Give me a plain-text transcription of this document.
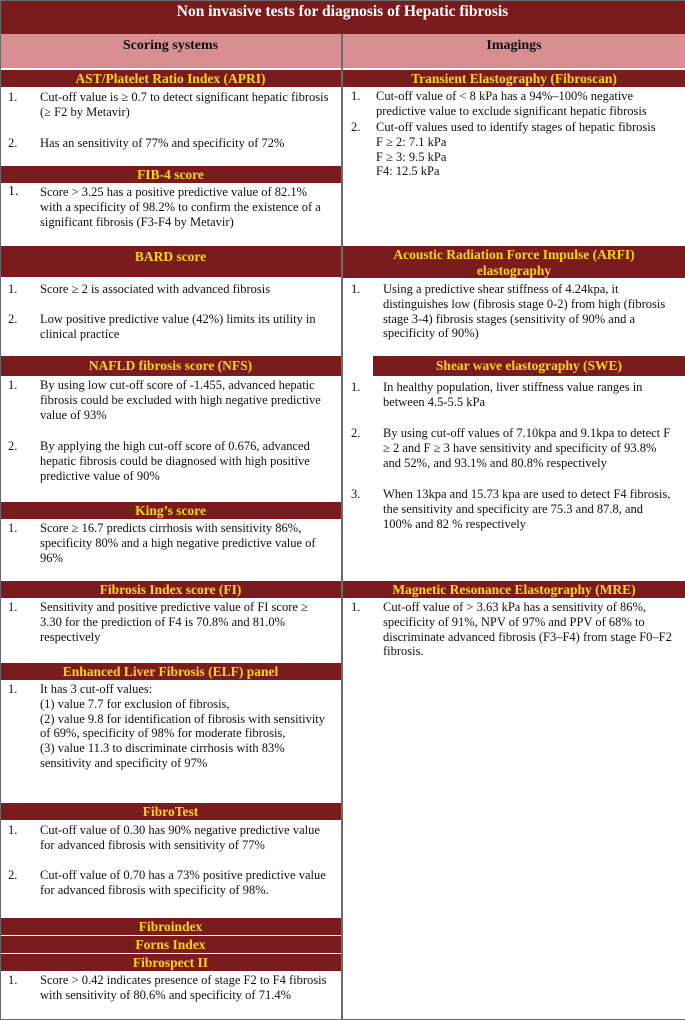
Non invasive tests for diagnosis of Hepatic fibrosis
Scoring systems	Imagings
AST/Platelet Ratio Index (APRI)
1. Cut-off value is ≥ 0.7 to detect significant hepatic fibrosis (≥ F2 by Metavir)
2. Has an sensitivity of 77% and specificity of 72%
FIB-4 score
1. Score > 3.25 has a positive predictive value of 82.1% with a specificity of 98.2% to confirm the existence of a significant fibrosis (F3-F4 by Metavir)
BARD score
1. Score ≥ 2 is associated with advanced fibrosis
2. Low positive predictive value (42%) limits its utility in clinical practice
NAFLD fibrosis score (NFS)
1. By using low cut-off score of -1.455, advanced hepatic fibrosis could be excluded with high negative predictive value of 93%
2. By applying the high cut-off score of 0.676, advanced hepatic fibrosis could be diagnosed with high positive predictive value of 90%
King’s score
1. Score ≥ 16.7 predicts cirrhosis with sensitivity 86%, specificity 80% and a high negative predictive value of 96%
Fibrosis Index score (FI)
1. Sensitivity and positive predictive value of FI score ≥ 3.30 for the prediction of F4 is 70.8% and 81.0% respectively
Enhanced Liver Fibrosis (ELF) panel
1. It has 3 cut-off values:
(1) value 7.7 for exclusion of fibrosis,
(2) value 9.8 for identification of fibrosis with sensitivity of 69%, specificity of 98% for moderate fibrosis,
(3) value 11.3 to discriminate cirrhosis with 83% sensitivity and specificity of 97%
FibroTest
1. Cut-off value of 0.30 has 90% negative predictive value for advanced fibrosis with sensitivity of 77%
2. Cut-off value of 0.70 has a 73% positive predictive value for advanced fibrosis with specificity of 98%.
Fibroindex
Forns Index
Fibrospect II
1. Score > 0.42 indicates presence of stage F2 to F4 fibrosis with sensitivity of 80.6% and specificity of 71.4%
Transient Elastography (Fibroscan)
1. Cut-off value of < 8 kPa has a 94%–100% negative predictive value to exclude significant hepatic fibrosis
2. Cut-off values used to identify stages of hepatic fibrosis
F ≥ 2: 7.1 kPa
F ≥ 3: 9.5 kPa
F4: 12.5 kPa
Acoustic Radiation Force Impulse (ARFI)
elastography
1. Using a predictive shear stiffness of 4.24kpa, it distinguishes low (fibrosis stage 0-2) from high (fibrosis stage 3-4) fibrosis stages (sensitivity of 90% and a specificity of 90%)
Shear wave elastography (SWE)
1. In healthy population, liver stiffness value ranges in between 4.5-5.5 kPa
2. By using cut-off values of 7.10kpa and 9.1kpa to detect F ≥ 2 and F ≥ 3 have sensitivity and specificity of 93.8% and 52%, and 93.1% and 80.8% respectively
3. When 13kpa and 15.73 kpa are used to detect F4 fibrosis, the sensitivity and specificity are 75.3 and 87.8, and 100% and 82 % respectively
Magnetic Resonance Elastography (MRE)
1. Cut-off value of > 3.63 kPa has a sensitivity of 86%, specificity of 91%, NPV of 97% and PPV of 68% to discriminate advanced fibrosis (F3–F4) from stage F0–F2 fibrosis.
